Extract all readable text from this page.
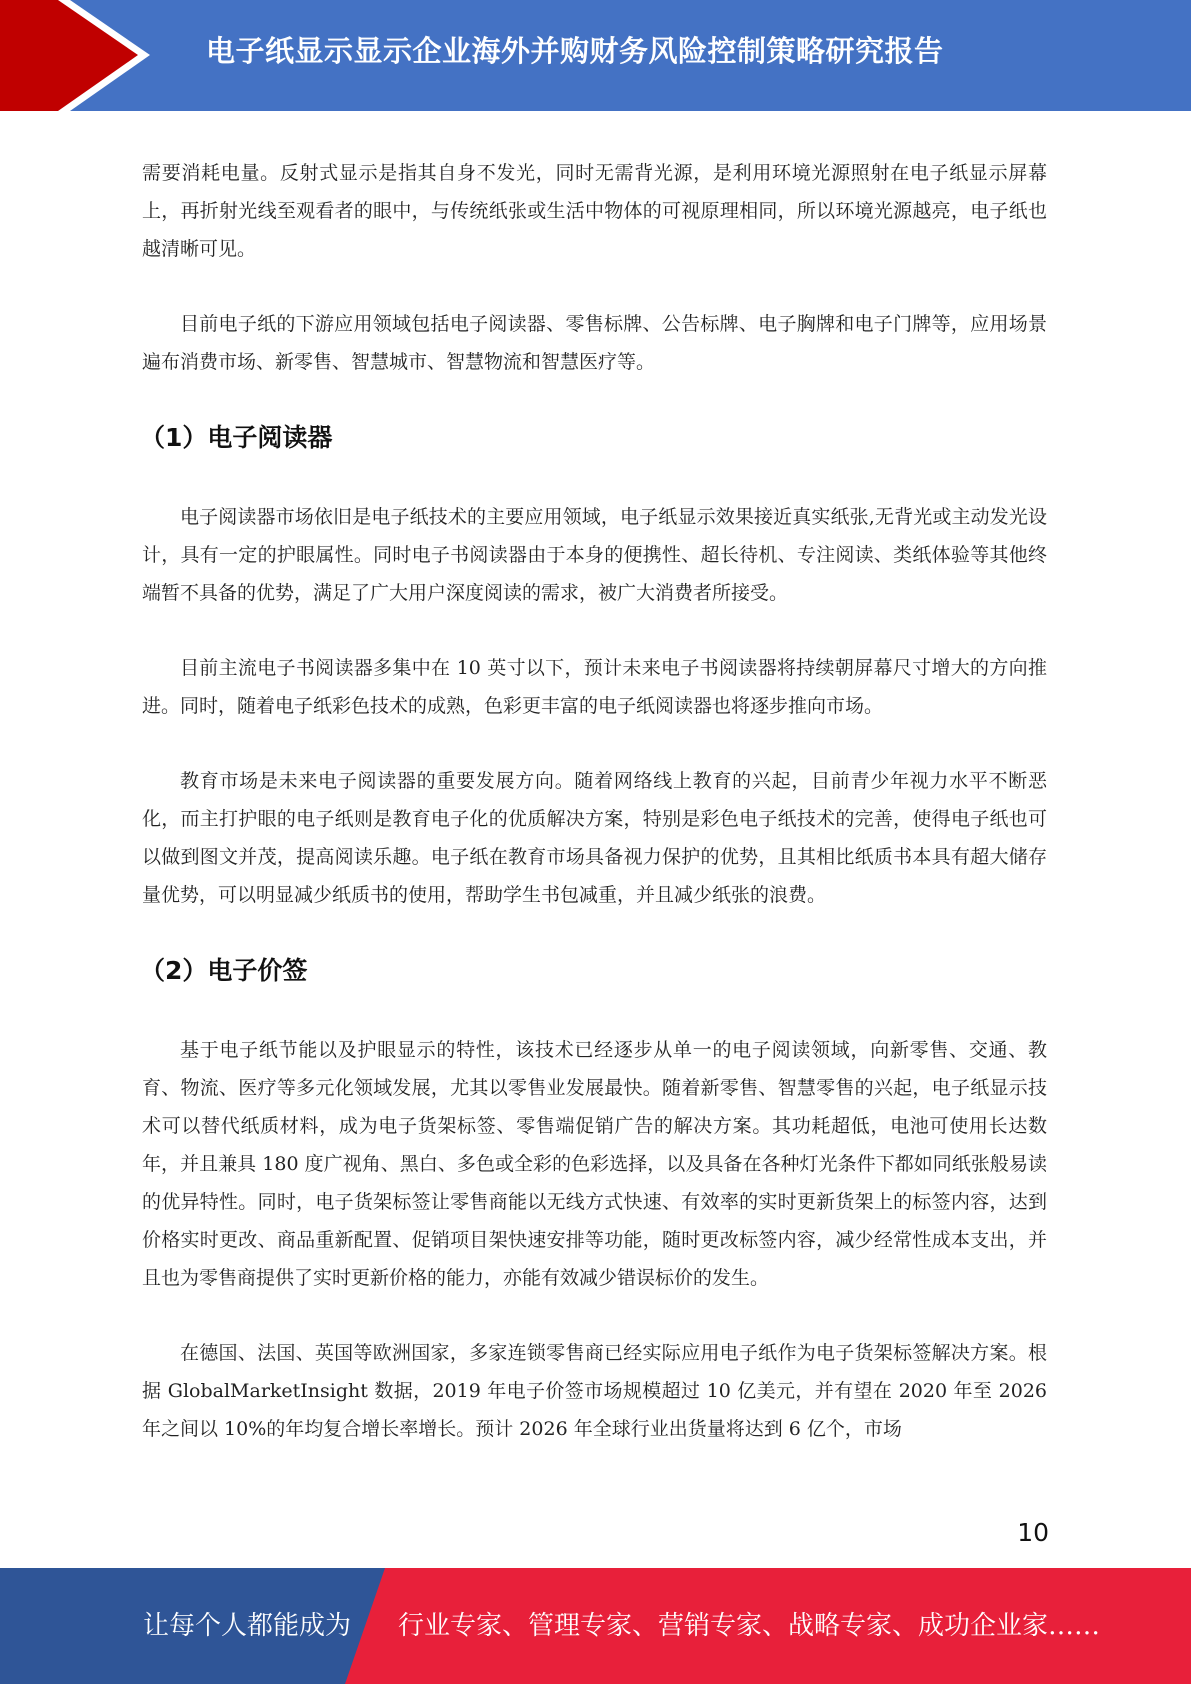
电子纸显示显示企业海外并购财务风险控制策略研究报告

需要消耗电量。反射式显示是指其自身不发光，同时无需背光源，是利用环境光源照射在电子纸显示屏幕上，再折射光线至观看者的眼中，与传统纸张或生活中物体的可视原理相同，所以环境光源越亮，电子纸也越清晰可见。

目前电子纸的下游应用领域包括电子阅读器、零售标牌、公告标牌、电子胸牌和电子门牌等，应用场景遍布消费市场、新零售、智慧城市、智慧物流和智慧医疗等。

（1）电子阅读器

电子阅读器市场依旧是电子纸技术的主要应用领域，电子纸显示效果接近真实纸张,无背光或主动发光设计，具有一定的护眼属性。同时电子书阅读器由于本身的便携性、超长待机、专注阅读、类纸体验等其他终端暂不具备的优势，满足了广大用户深度阅读的需求，被广大消费者所接受。

目前主流电子书阅读器多集中在 10 英寸以下，预计未来电子书阅读器将持续朝屏幕尺寸增大的方向推进。同时，随着电子纸彩色技术的成熟，色彩更丰富的电子纸阅读器也将逐步推向市场。

教育市场是未来电子阅读器的重要发展方向。随着网络线上教育的兴起，目前青少年视力水平不断恶化，而主打护眼的电子纸则是教育电子化的优质解决方案，特别是彩色电子纸技术的完善，使得电子纸也可以做到图文并茂，提高阅读乐趣。电子纸在教育市场具备视力保护的优势，且其相比纸质书本具有超大储存量优势，可以明显减少纸质书的使用，帮助学生书包减重，并且减少纸张的浪费。

（2）电子价签

基于电子纸节能以及护眼显示的特性，该技术已经逐步从单一的电子阅读领域，向新零售、交通、教育、物流、医疗等多元化领域发展，尤其以零售业发展最快。随着新零售、智慧零售的兴起，电子纸显示技术可以替代纸质材料，成为电子货架标签、零售端促销广告的解决方案。其功耗超低，电池可使用长达数年，并且兼具 180 度广视角、黑白、多色或全彩的色彩选择，以及具备在各种灯光条件下都如同纸张般易读的优异特性。同时，电子货架标签让零售商能以无线方式快速、有效率的实时更新货架上的标签内容，达到价格实时更改、商品重新配置、促销项目架快速安排等功能，随时更改标签内容，减少经常性成本支出，并且也为零售商提供了实时更新价格的能力，亦能有效减少错误标价的发生。

在德国、法国、英国等欧洲国家，多家连锁零售商已经实际应用电子纸作为电子货架标签解决方案。根据 GlobalMarketInsight 数据，2019 年电子价签市场规模超过 10 亿美元，并有望在 2020 年至 2026 年之间以 10%的年均复合增长率增长。预计 2026 年全球行业出货量将达到 6 亿个，市场

10
让每个人都能成为 行业专家、管理专家、营销专家、战略专家、成功企业家……
